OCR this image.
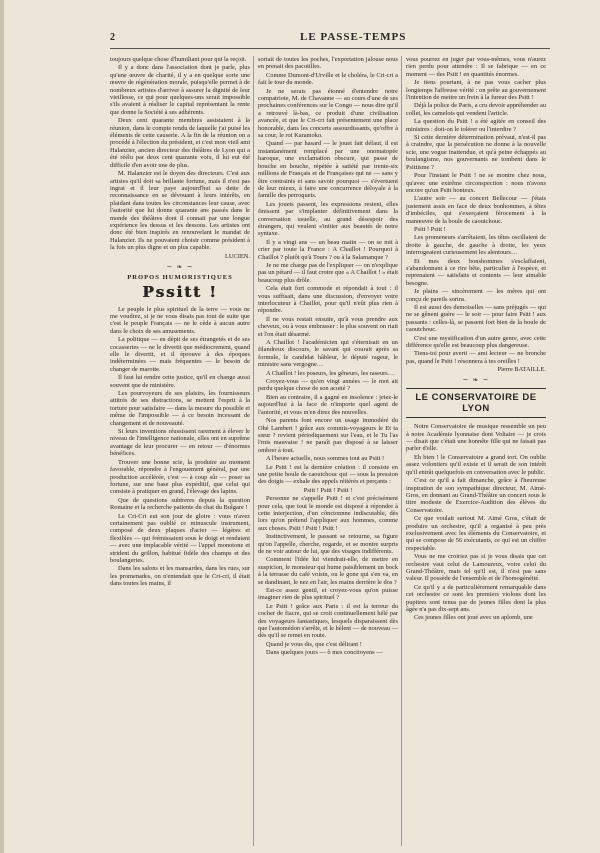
2	LE PASSE-TEMPS

toujours quelque chose d'humiliant pour qui la reçoit.

Il y a donc dans l'association dont je parle, plus qu'une œuvre de charité, il y a en quelque sorte une œuvre de régénération morale, puisqu'elle permet à de nombreux artistes d'arriver à assurer la dignité de leur vieillesse, ce qui pour quelques-uns serait impossible s'ils avaient à réaliser le capital représentant la rente que donne la Société à ses adhérents.

Deux cent quarante membres assistaient à la réunion, dans le compte rendu de laquelle j'ai puisé les éléments de cette causerie. A la fin de la réunion on a procédé à l'élection du président, et c'est mon vieil ami Halanzier, ancien directeur des théâtres de Lyon qui a été réélu par deux cent quarante voix, il lui eut été difficile d'en avoir une de plus.

M. Halanzier est le doyen des directeurs. C'est aux artistes qu'il doit sa brillante fortune, mais il n'est pas ingrat et il leur paye aujourd'hui sa dette de reconnaissance en se dévouant à leurs intérêts, en plaidant dans toutes les circonstances leur cause, avec l'autorité que lui donne quarante ans passés dans le monde des théâtres dont il connait par une longue expérience les dessus et les dessous. Les artistes ont donc été bien inspirés en renouvelant le mandat de Halanzier. Ils ne pouvaient choisir comme président à la fois un plus digne et un plus capable.

LUCIEN.
~ ❧ ~
PROPOS HUMORISTIQUES
Pssitt !

Le peuple le plus spirituel de la terre — vous ne me voudrez, si je ne vous disais pas tout de suite que c'est le peuple Français — ne le cède à aucun autre dans le choix de ses amusements.

La politique — en dépit de ses étrangetés et de ses cocasseries — ne le divertit que médiocrement, quand elle le divertit, et il éprouve à des époques indéterminées — mais fréquentes — le besoin de changer de marotte.

Il faut lui rendre cette justice, qu'il en change aussi souvent que de ministère.

Les pourvoyeurs de ses plaisirs, les fournisseurs attitrés de ses distractions, se mettent l'esprit à la torture pour satisfaire — dans la mesure du possible et même de l'impossible — à ce besoin incessant de changement et de nouveauté.

Si leurs inventions réussissent rarement à élever le niveau de l'intelligence nationale, elles ont en suprême avantage de leur procurer — en retour — d'énormes bénéfices.

Trouver une bonne scie, la produire au moment favorable, répondre à l'engouement général, par une production accélérée, c'est — à coup sûr — poser sa fortune, sur une base plus expéditif, que celui qui consiste à pratiquer en grand, l'élevage des lapins.

Que de questions subtreres depuis la question Romaine et la recherche patiente du chat du Bulgare !

Le Cri-Cri eut son jour de gloire : vous n'avez certainement pas oublié ce minuscule instrument, composé de deux plaques d'acier — légères et flexibles — qui frémissaient sous le doigt et rendaient — avec une implacable vérité — l'appel monotone et strident du grillon, habitué fidèle des champs et des boulangeries.

Dans les salons et les mansardes, dans les rues, sur les promenades, on n'entendait que le Cri-cri, il était dans toutes les mains, il

sortait de toutes les poches, l'exportation jalouse nous en prenait des pacotilles.

Comme Dumont-d'Urville et le choléra, le Cri-cri a fait le tour du monde.

Je ne serais pas étonné d'entendre notre compatriote, M. de Chavanne — au cours d'une de ses prochaines conférences sur le Congo — nous dire qu'il a retrouvé là-bas, ce produit d'une civilisation avancée, et que le Cri-cri fait présentement une place honorable, dans les concerts assourdissants, qu'offre à sa cour, le roi Karamoko.

Quand — par hasard — le jouet fait défaut, il est instantanément remplacé par une onomatopée baroque, une exclamation obscure, qui passe de bouche en bouche, répétée à satiété par trente-six millions de Français et de Françaises qui ne — sans y être contraints et sans savoir pourquoi — s'évertuent de leur mieux, à faire une concurrence déloyale à la famille des perroquets.

Les jouets passent, les expressions restent, elles finissent par s'implanter définitivement dans la conversation usuelle, au grand désespoir des étrangers, qui veulent s'initier aux beautés de notre syntaxe.

Il y a vingt ans — un beau matin — on se mit à crier par toute la France : A Chaillot ! Pourquoi à Chaillot ? plutôt qu'à Tours ? ou à la Salamanque ?

Je ne me charge pas de l'expliquer — on n'explique pas un pétard — il faut croire que « A Chaillot ! » était beaucoup plus drôle.

Cela était fort commode et répondait à tout : il vous suffisait, dans une discussion, d'envoyer votre interlocuteur à Chaillot, pour qu'il n'eût plus rien à répondre.

Il ne vous restait ensuite, qu'à vous prendre aux cheveux, ou à vous embrasser : le plus souvent on riait et l'on était désarmé.

A Chaillot ! l'académicien qui s'éternisait en un filandreux discours, le savant qui courait après sa formule, le candidat hâbleur, le député rageur, le ministre sans vergogne…

A Chaillot ! les poseurs, les gêneurs, les raseurs…

Croyez-vous — qu'en vingt années — le mot ait perdu quelque chose de son acuité ?

Bien au contraire, il a gagné en insolence : jetez-le aujourd'hui à la face de n'importe quel agent de l'autorité, et vous m'en direz des nouvelles.

Nos parents font encore un usage immodéré du Ohé Lambert ! grâce aux commis-voyageurs le Et ta sœur ? revient périodiquement sur l'eau, et le Tu l'as l'rnis mauvaise ! ne paraît pas disposé à se laisser ombrer à tout.

A l'heure actuelle, nous sommes tout au Psitt !

Le Psitt ! est la dernière création : il consiste en une petite boule de caoutchouc qui — sous la pression des doigts — exhale des appels réitérés et perçants :

Psitt ! Psitt ! Psitt !

Personne ne s'appelle Psitt ! et c'est précisément pour cela, que tout le monde est disposé à répondre à cette interjection, d'un cônctonnne indiscutable, dès lors qu'on prétend l'appliquer aux hommes, comme aux choses. Psitt ! Psitt ! Psitt !

Instinctivement, le passant se retourne, sa figure qu'on l'appelle, cherche, regarde, et se montre surpris de ne voir autour de lui, que des visages indifférents.

Comment l'idée lui viendrait-elle, de mettre en suspicion, le monsieur qui hume paisiblement un bock à la terrasse du café voisin, ou le gone qui s'en va, en se dandinant, le nez en l'air, les mains derrière le dos ?

Est-ce assez gentil, et croyez-vous qu'on puisse imaginer rien de plus spirituel ?

Le Psitt ! grâce aux Paris : il est la terreur du cocher de fiacre, qui se croit continuellement hélé par des voyageurs fantastiques, lesquels disparaissent dès que l'automédon s'arrête, et le hèlent — de nouveau — dès qu'il se remet en route.

Quand je vous dis, que c'est délirant !

Dans quelques jours — ô mes concitoyens —

vous pourrez en juger par vous-mêmes, vous n'aurez rien perdu pour attendre : Il se fabrique — en ce moment — des Psitt ! en quantités énormes.

Je tiens pourtant, à ne pas vous cacher plus longtemps l'affreuse vérité : on prête au gouvernement l'intention de mettre un frein à la fureur des Psitt !

Déjà la police de Paris, a cru devoir appréhender au collet, les camelots qui vendent l'article.

La question du Psitt ! a été agitée en conseil des ministres : doit-on le tolérer ou l'interdire ?

Si cette dernière détermination prévaut, n'est-il pas à craindre, que la persécution ne donne à la nouvelle scie, une vogue inattendue, et qu'à peine échappés au boulangisme, nos gouvernants ne tombent dans le Psittisme ?

Pour l'instant le Psitt ! ne se montre chez nous, qu'avec une extrême circonspection : nous n'avons encore qu'un Psitt honteux.

L'autre soir — au concert Bellecour — j'étais justement assis en face de deux bonhommes, à têtes d'imbéciles, qui s'exerçaient férocement à la manœuvre de la boule de caoutchouc.

Psitt ! Psitt !

Les promeneurs s'arrêtaient, les têtes oscillaient de droite à gauche, de gauche à droite, les yeux interrogeaient curieusement les alentours…

Et mes deux bonshommes s'esclaffaient, s'abandonnant à ce rire bête, particulier à l'espèce, et reprenaient — satisfaits et contents — leur aimable besogne.

Je plains — sincèrement — les mères qui ont conçu de pareils sorins.

Il est aussi des demoiselles — sans préjugés — qui ne se gênent guère — le soir — pour faire Psitt ! aux passants : celles-là, se passent fort bien de la boule de caoutchouc.

C'est une mystification d'un autre genre, avec cette différence qu'elle est beaucoup plus dangereuse.

Tiens-toi pour averti — ami lecteur — ne bronche pas, quand le Psitt ! résonnera à tes oreilles !

Pierre BATAILLE.
~ ❧ ~
LE CONSERVATOIRE DE LYON

Notre Conservatoire de musique ressemble un peu à notre Académie lyonnaise dont Voltaire — je crois — disait que c'était une honnête fille qui ne faisait pas parler d'elle.

Eh bien ! le Conservatoire a grand tort. On oublie assez volontiers qu'il existe et il serait de son intérêt qu'il entrât quelquefois en conversation avec le public.

C'est ce qu'il a fait dimanche, grâce à l'heureuse inspiration de son sympathique directeur, M. Aimé-Gros, en donnant au Grand-Théâtre un concert sous le titre modeste de Exercice-Audition des élèves du Conservatoire.

Ce que voulait surtout M. Aimé Gros, c'était de produire un orchestre, qu'il a organisé à peu près exclusivement avec les éléments du Conservatoire, et qui se compose de 56 exécutants, ce qui est un chiffre respectable.

Vous ne me croiriez pas si je vous disais que cet orchestre vaut celui de Lamoureux, voire celui du Grand-Théâtre, mais tel qu'il est, il n'est pas sans valeur. Il possède de l'ensemble et de l'homogénéité.

Ce qu'il y a de particulièrement remarquable dans cet orchestre ce sont les premiers violons dont les pupitres sont tenus par de jeunes filles dont la plus âgée n'a pas dix-sept ans.

Ces jeunes filles ont joué avec un aplomb, une
